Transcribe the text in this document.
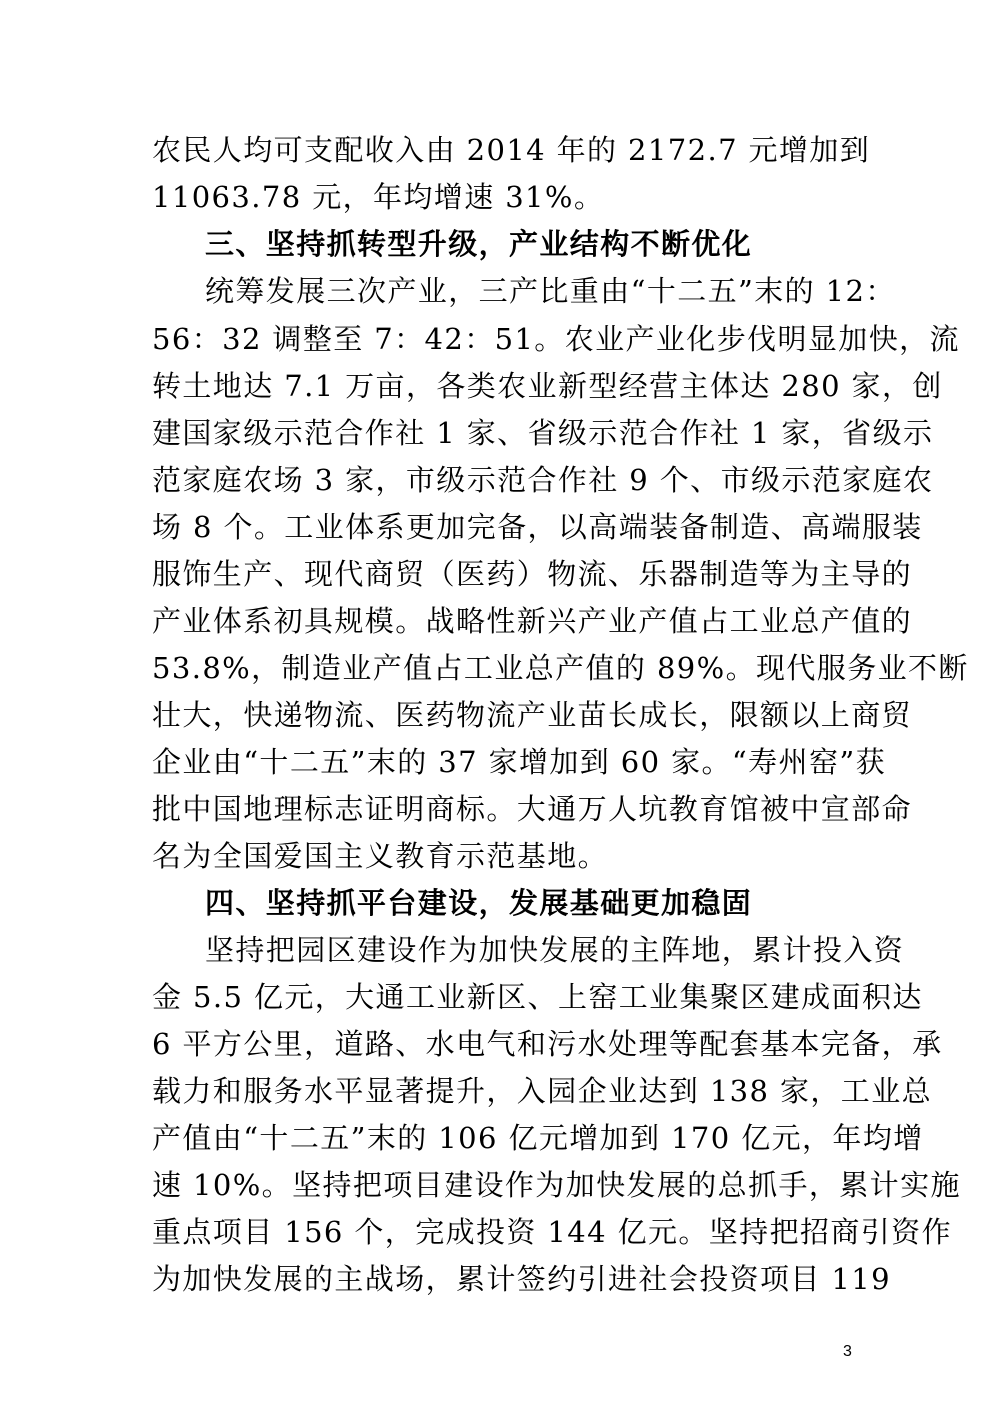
农民人均可支配收入由 2014 年的 2172.7 元增加到
11063.78 元，年均增速 31%。
三、坚持抓转型升级，产业结构不断优化
统筹发展三次产业，三产比重由“十二五”末的 12：
56：32 调整至 7：42：51。农业产业化步伐明显加快，流
转土地达 7.1 万亩，各类农业新型经营主体达 280 家，创
建国家级示范合作社 1 家、省级示范合作社 1 家，省级示
范家庭农场 3 家，市级示范合作社 9 个、市级示范家庭农
场 8 个。工业体系更加完备，以高端装备制造、高端服装
服饰生产、现代商贸（医药）物流、乐器制造等为主导的
产业体系初具规模。战略性新兴产业产值占工业总产值的
53.8%，制造业产值占工业总产值的 89%。现代服务业不断
壮大，快递物流、医药物流产业苗长成长，限额以上商贸
企业由“十二五”末的 37 家增加到 60 家。“寿州窑”获
批中国地理标志证明商标。大通万人坑教育馆被中宣部命
名为全国爱国主义教育示范基地。
四、坚持抓平台建设，发展基础更加稳固
坚持把园区建设作为加快发展的主阵地，累计投入资
金 5.5 亿元，大通工业新区、上窑工业集聚区建成面积达
6 平方公里，道路、水电气和污水处理等配套基本完备，承
载力和服务水平显著提升，入园企业达到 138 家，工业总
产值由“十二五”末的 106 亿元增加到 170 亿元，年均增
速 10%。坚持把项目建设作为加快发展的总抓手，累计实施
重点项目 156 个，完成投资 144 亿元。坚持把招商引资作
为加快发展的主战场，累计签约引进社会投资项目 119
3
